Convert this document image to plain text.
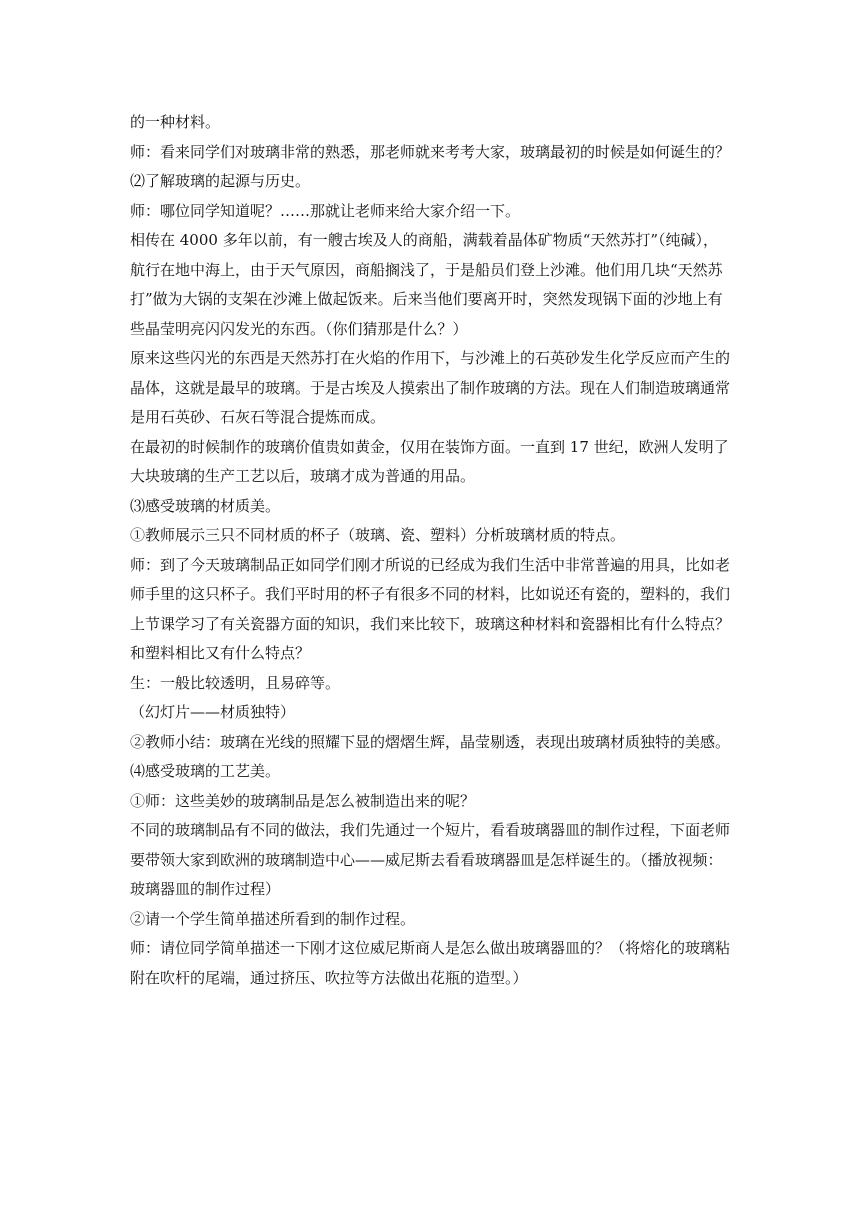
的一种材料。
师：看来同学们对玻璃非常的熟悉，那老师就来考考大家，玻璃最初的时候是如何诞生的？
⑵了解玻璃的起源与历史。
师：哪位同学知道呢？……那就让老师来给大家介绍一下。
相传在 4000 多年以前，有一艘古埃及人的商船，满载着晶体矿物质“天然苏打”（纯碱），
航行在地中海上，由于天气原因，商船搁浅了，于是船员们登上沙滩。他们用几块“天然苏
打”做为大锅的支架在沙滩上做起饭来。后来当他们要离开时，突然发现锅下面的沙地上有
些晶莹明亮闪闪发光的东西。（你们猜那是什么？）
原来这些闪光的东西是天然苏打在火焰的作用下，与沙滩上的石英砂发生化学反应而产生的
晶体，这就是最早的玻璃。于是古埃及人摸索出了制作玻璃的方法。现在人们制造玻璃通常
是用石英砂、石灰石等混合提炼而成。
在最初的时候制作的玻璃价值贵如黄金，仅用在装饰方面。一直到 17 世纪，欧洲人发明了
大块玻璃的生产工艺以后，玻璃才成为普通的用品。
⑶感受玻璃的材质美。
①教师展示三只不同材质的杯子（玻璃、瓷、塑料）分析玻璃材质的特点。
师：到了今天玻璃制品正如同学们刚才所说的已经成为我们生活中非常普遍的用具，比如老
师手里的这只杯子。我们平时用的杯子有很多不同的材料，比如说还有瓷的，塑料的，我们
上节课学习了有关瓷器方面的知识，我们来比较下，玻璃这种材料和瓷器相比有什么特点？
和塑料相比又有什么特点？
生：一般比较透明，且易碎等。
（幻灯片——材质独特）
②教师小结：玻璃在光线的照耀下显的熠熠生辉，晶莹剔透，表现出玻璃材质独特的美感。
⑷感受玻璃的工艺美。
①师：这些美妙的玻璃制品是怎么被制造出来的呢？
不同的玻璃制品有不同的做法，我们先通过一个短片，看看玻璃器皿的制作过程，下面老师
要带领大家到欧洲的玻璃制造中心——威尼斯去看看玻璃器皿是怎样诞生的。（播放视频：
玻璃器皿的制作过程）
②请一个学生简单描述所看到的制作过程。
师：请位同学简单描述一下刚才这位威尼斯商人是怎么做出玻璃器皿的？（将熔化的玻璃粘
附在吹杆的尾端，通过挤压、吹拉等方法做出花瓶的造型。）
